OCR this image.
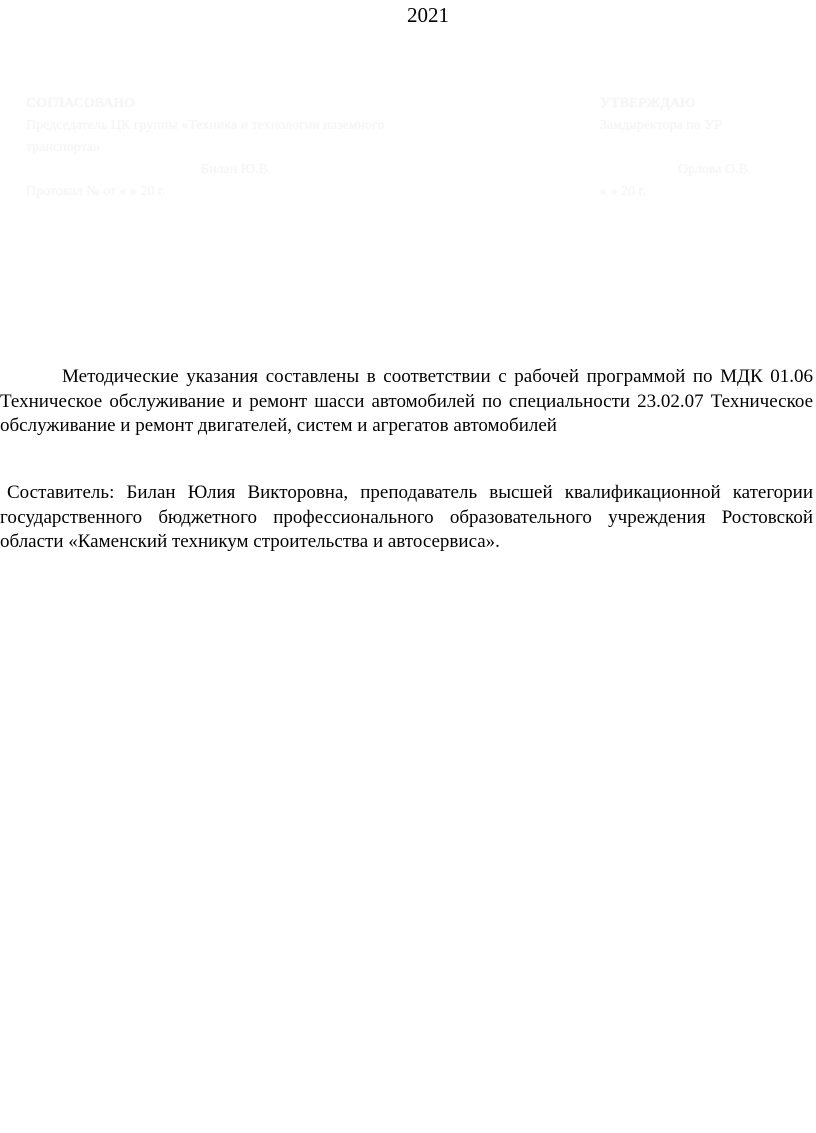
2021
СОГЛАСОВАНО
Председатель ЦК группы «Техника и технологии наземного
транспорта»
Билан Ю.В.
Протокол № от « » 20 г.
УТВЕРЖДАЮ
Замдиректора по УР
Орлова О.В.
« » 20 г.
Методические указания составлены в соответствии с рабочей программой по МДК 01.06 Техническое обслуживание и ремонт шасси автомобилей по специальности 23.02.07 Техническое обслуживание и ремонт двигателей, систем и агрегатов автомобилей
Составитель: Билан Юлия Викторовна, преподаватель высшей квалификационной категории государственного бюджетного профессионального образовательного учреждения Ростовской области «Каменский техникум строительства и автосервиса».
